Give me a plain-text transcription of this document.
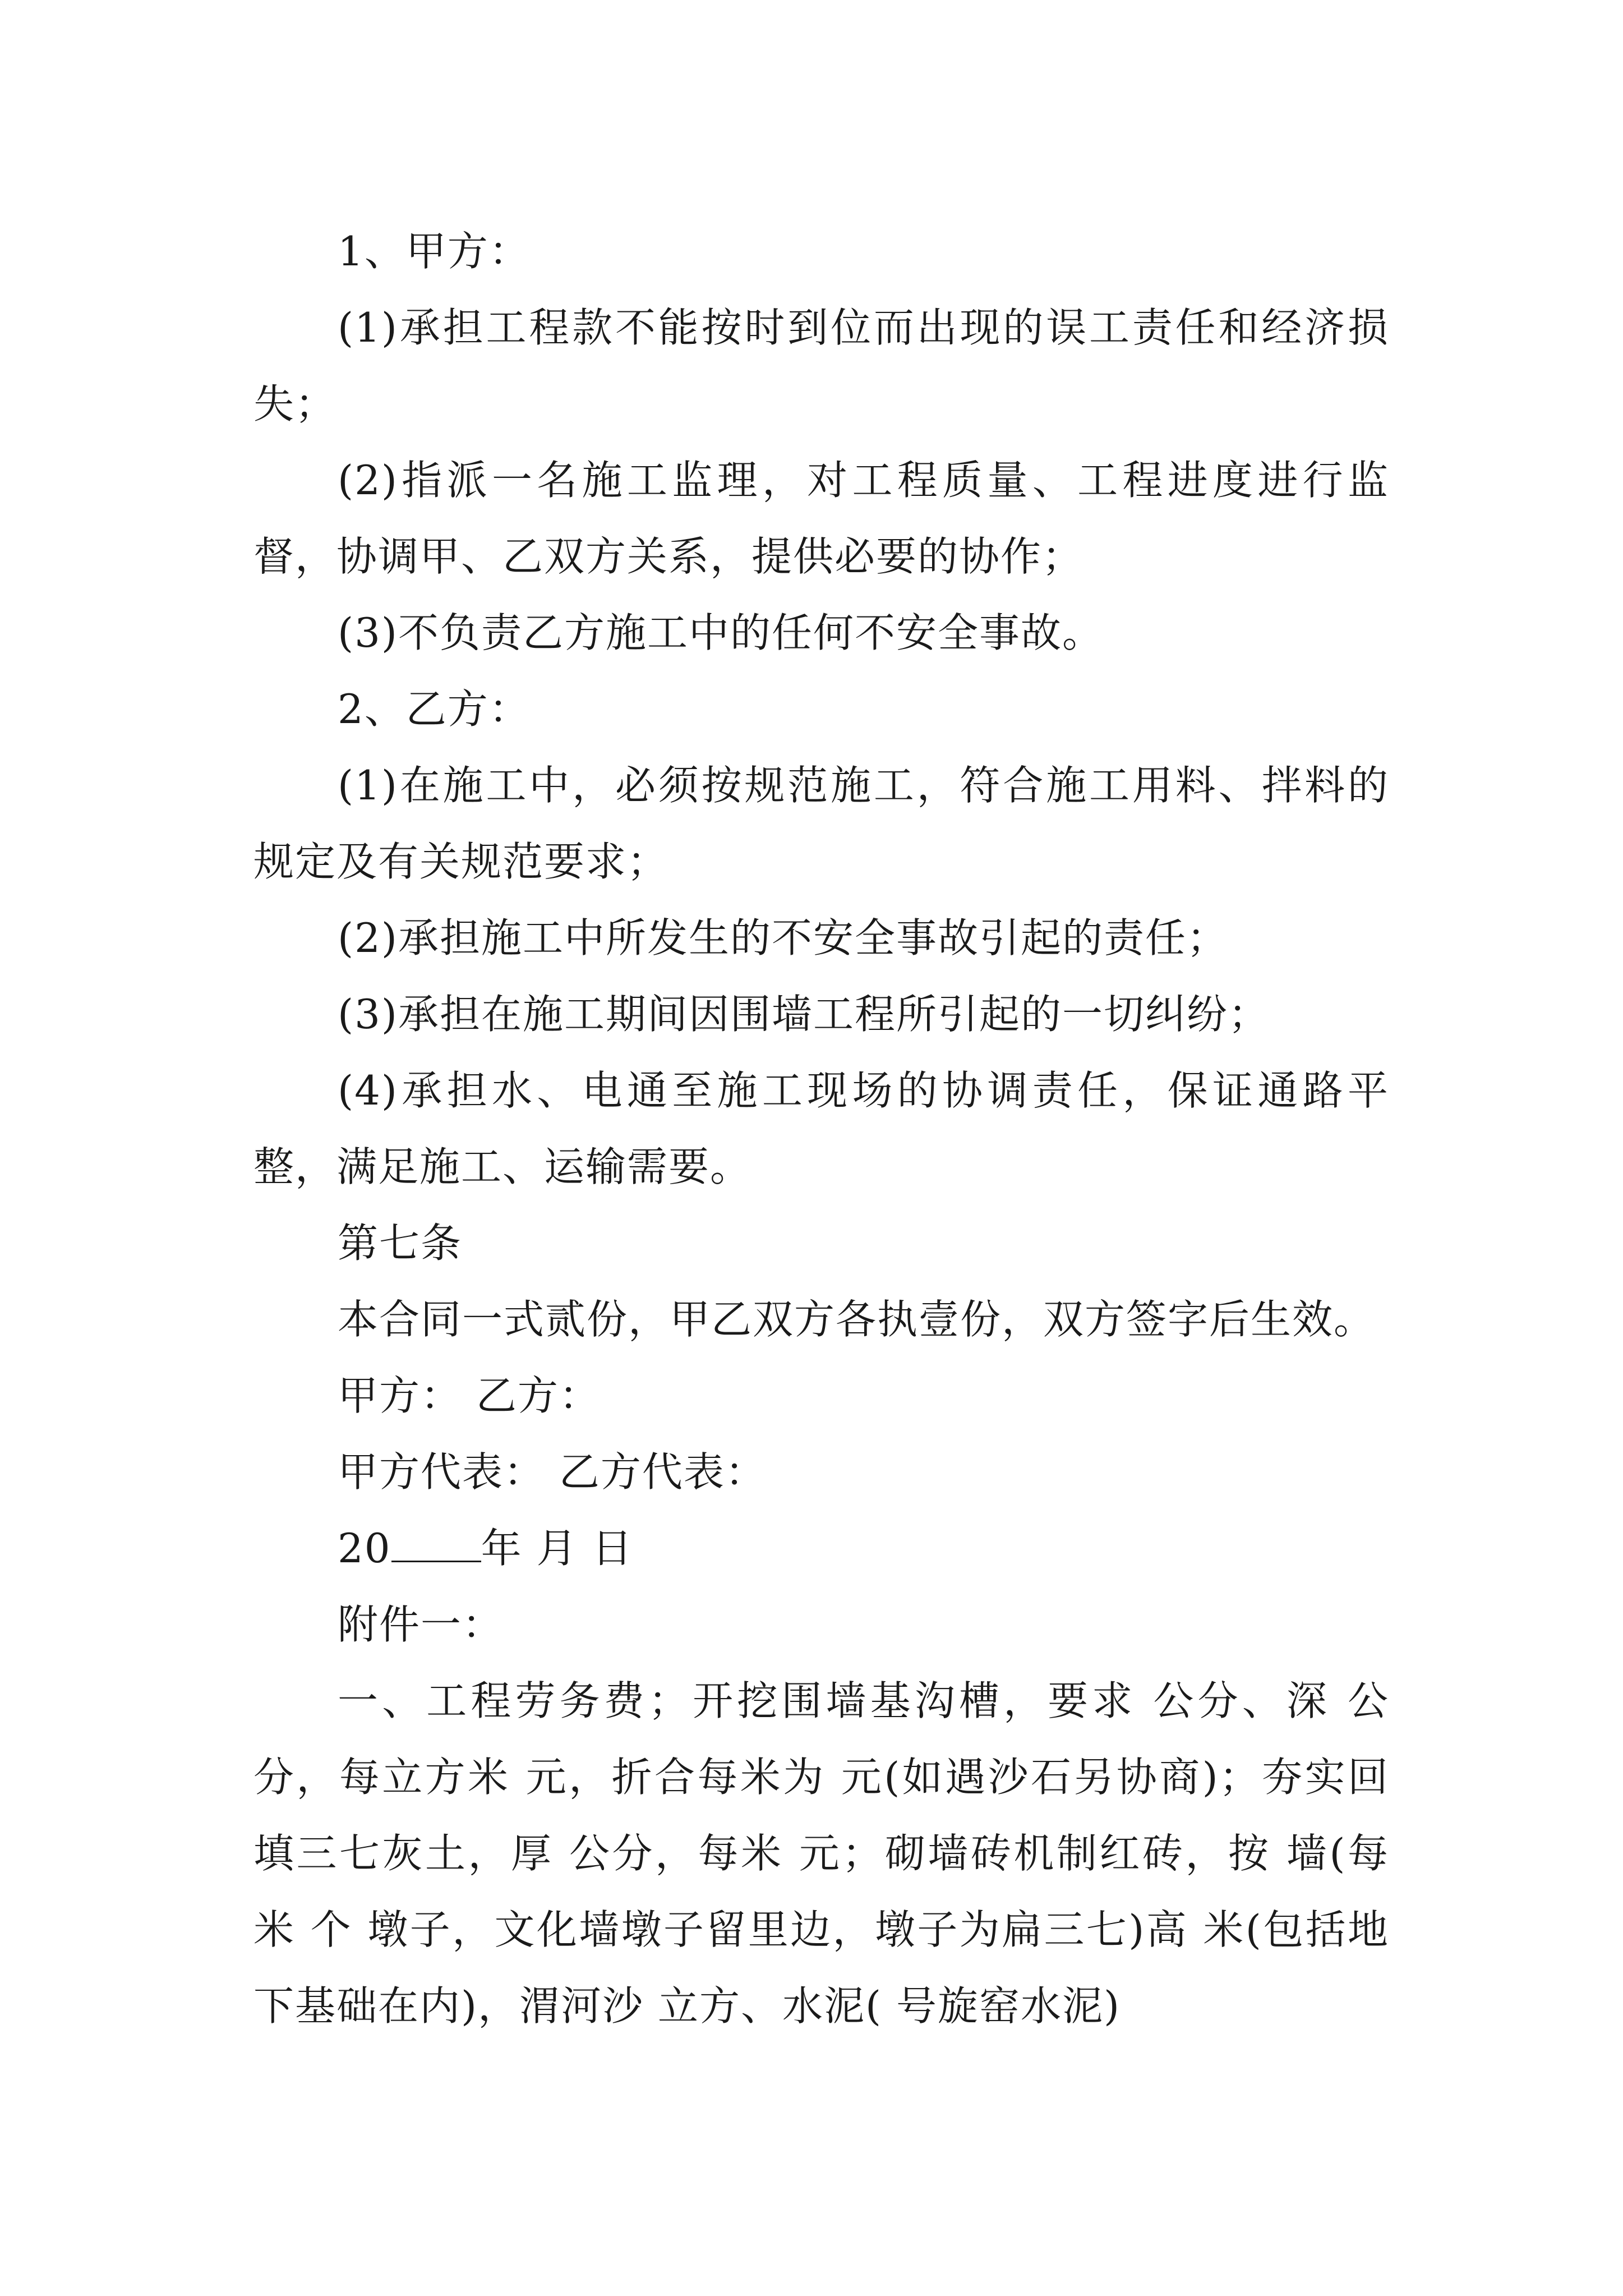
1、甲方：

(1)承担工程款不能按时到位而出现的误工责任和经济损失；

(2)指派一名施工监理，对工程质量、工程进度进行监督，协调甲、乙双方关系，提供必要的协作；

(3)不负责乙方施工中的任何不安全事故。

2、乙方：

(1)在施工中，必须按规范施工，符合施工用料、拌料的规定及有关规范要求；

(2)承担施工中所发生的不安全事故引起的责任；

(3)承担在施工期间因围墙工程所引起的一切纠纷；

(4)承担水、电通至施工现场的协调责任，保证通路平整，满足施工、运输需要。

第七条

本合同一式贰份，甲乙双方各执壹份，双方签字后生效。

甲方： 乙方：

甲方代表： 乙方代表：

20 年 月 日

附件一：

一、工程劳务费；开挖围墙基沟槽，要求 公分、深 公分，每立方米 元，折合每米为 元(如遇沙石另协商)；夯实回填三七灰土，厚 公分，每米 元；砌墙砖机制红砖，按 墙(每 米 个 墩子，文化墙墩子留里边，墩子为扁三七)高 米(包括地下基础在内)，渭河沙 立方、水泥( 号旋窑水泥)
